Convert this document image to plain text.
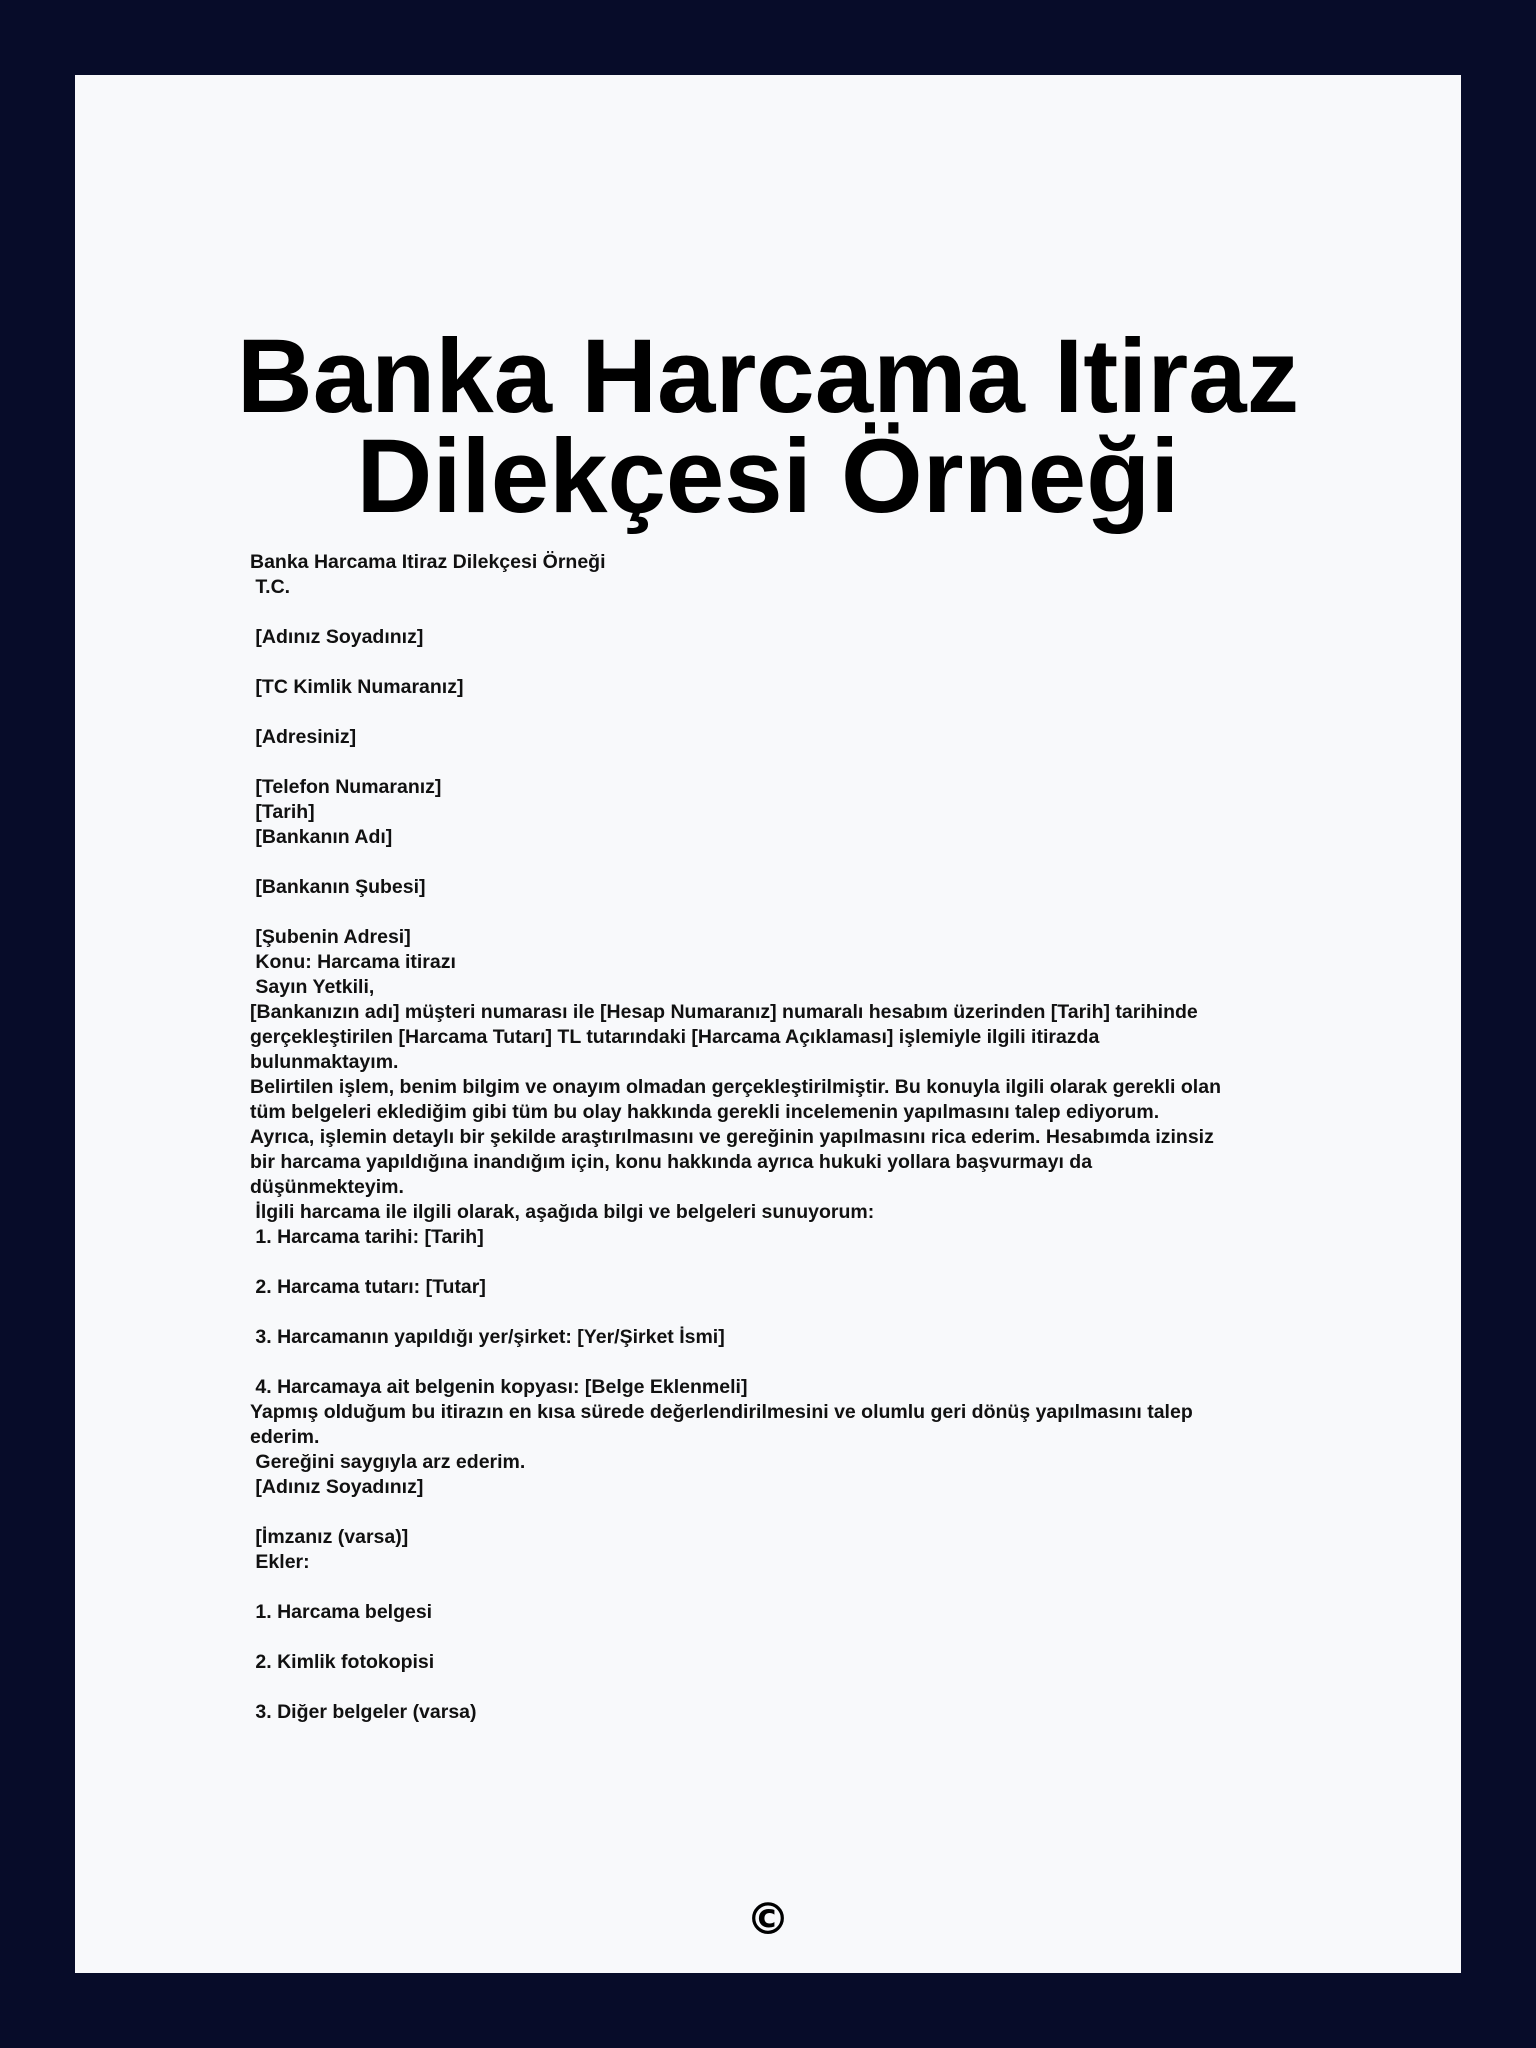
Banka Harcama Itiraz
Dilekçesi Örneği
Banka Harcama Itiraz Dilekçesi Örneği
T.C.
[Adınız Soyadınız]
[TC Kimlik Numaranız]
[Adresiniz]
[Telefon Numaranız]
[Tarih]
[Bankanın Adı]
[Bankanın Şubesi]
[Şubenin Adresi]
Konu: Harcama itirazı
Sayın Yetkili,
[Bankanızın adı] müşteri numarası ile [Hesap Numaranız] numaralı hesabım üzerinden [Tarih] tarihinde
gerçekleştirilen [Harcama Tutarı] TL tutarındaki [Harcama Açıklaması] işlemiyle ilgili itirazda
bulunmaktayım.
Belirtilen işlem, benim bilgim ve onayım olmadan gerçekleştirilmiştir. Bu konuyla ilgili olarak gerekli olan
tüm belgeleri eklediğim gibi tüm bu olay hakkında gerekli incelemenin yapılmasını talep ediyorum.
Ayrıca, işlemin detaylı bir şekilde araştırılmasını ve gereğinin yapılmasını rica ederim. Hesabımda izinsiz
bir harcama yapıldığına inandığım için, konu hakkında ayrıca hukuki yollara başvurmayı da
düşünmekteyim.
İlgili harcama ile ilgili olarak, aşağıda bilgi ve belgeleri sunuyorum:
1. Harcama tarihi: [Tarih]
2. Harcama tutarı: [Tutar]
3. Harcamanın yapıldığı yer/şirket: [Yer/Şirket İsmi]
4. Harcamaya ait belgenin kopyası: [Belge Eklenmeli]
Yapmış olduğum bu itirazın en kısa sürede değerlendirilmesini ve olumlu geri dönüş yapılmasını talep
ederim.
Gereğini saygıyla arz ederim.
[Adınız Soyadınız]
[İmzanız (varsa)]
Ekler:
1. Harcama belgesi
2. Kimlik fotokopisi
3. Diğer belgeler (varsa)
©
